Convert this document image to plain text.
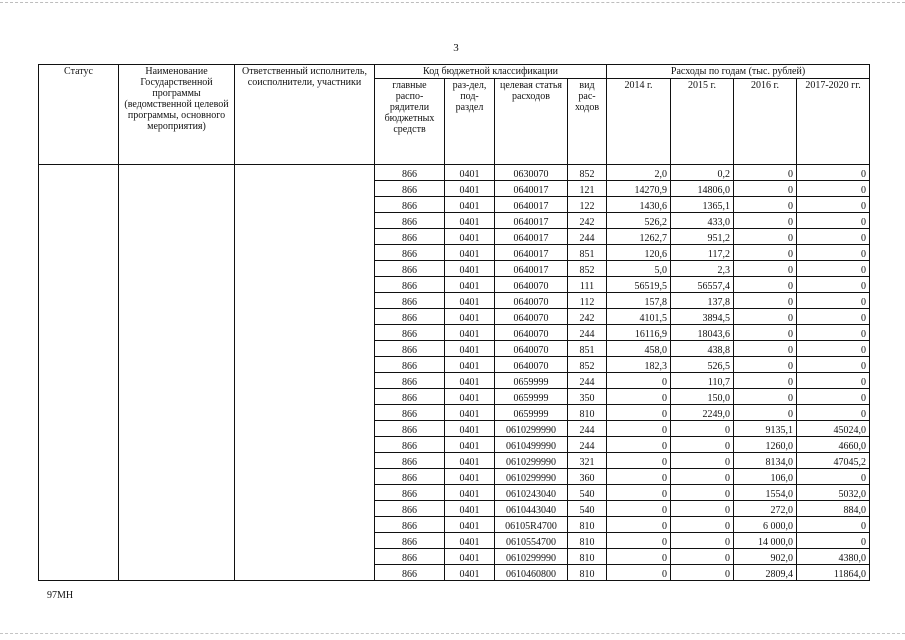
3
Статус	Наименование Государственной программы (ведомственной целевой программы, основного мероприятия)	Ответственный исполнитель, соисполнители, участники	Код бюджетной классификации				Расходы по годам (тыс. рублей)			
			главные распо-рядители бюджетных средств	раз-дел, под-раздел	целевая статья расходов	вид рас-ходов	2014 г.	2015 г.	2016 г.	2017-2020 гг.
			866	0401	0630070	852	2,0	0,2	0	0
			866	0401	0640017	121	14270,9	14806,0	0	0
			866	0401	0640017	122	1430,6	1365,1	0	0
			866	0401	0640017	242	526,2	433,0	0	0
			866	0401	0640017	244	1262,7	951,2	0	0
			866	0401	0640017	851	120,6	117,2	0	0
			866	0401	0640017	852	5,0	2,3	0	0
			866	0401	0640070	111	56519,5	56557,4	0	0
			866	0401	0640070	112	157,8	137,8	0	0
			866	0401	0640070	242	4101,5	3894,5	0	0
			866	0401	0640070	244	16116,9	18043,6	0	0
			866	0401	0640070	851	458,0	438,8	0	0
			866	0401	0640070	852	182,3	526,5	0	0
			866	0401	0659999	244	0	110,7	0	0
			866	0401	0659999	350	0	150,0	0	0
			866	0401	0659999	810	0	2249,0	0	0
			866	0401	0610299990	244	0	0	9135,1	45024,0
			866	0401	0610499990	244	0	0	1260,0	4660,0
			866	0401	0610299990	321	0	0	8134,0	47045,2
			866	0401	0610299990	360	0	0	106,0	0
			866	0401	0610243040	540	0	0	1554,0	5032,0
			866	0401	0610443040	540	0	0	272,0	884,0
			866	0401	06105R4700	810	0	0	6 000,0	0
			866	0401	0610554700	810	0	0	14 000,0	0
			866	0401	0610299990	810	0	0	902,0	4380,0
			866	0401	0610460800	810	0	0	2809,4	11864,0
97МН
